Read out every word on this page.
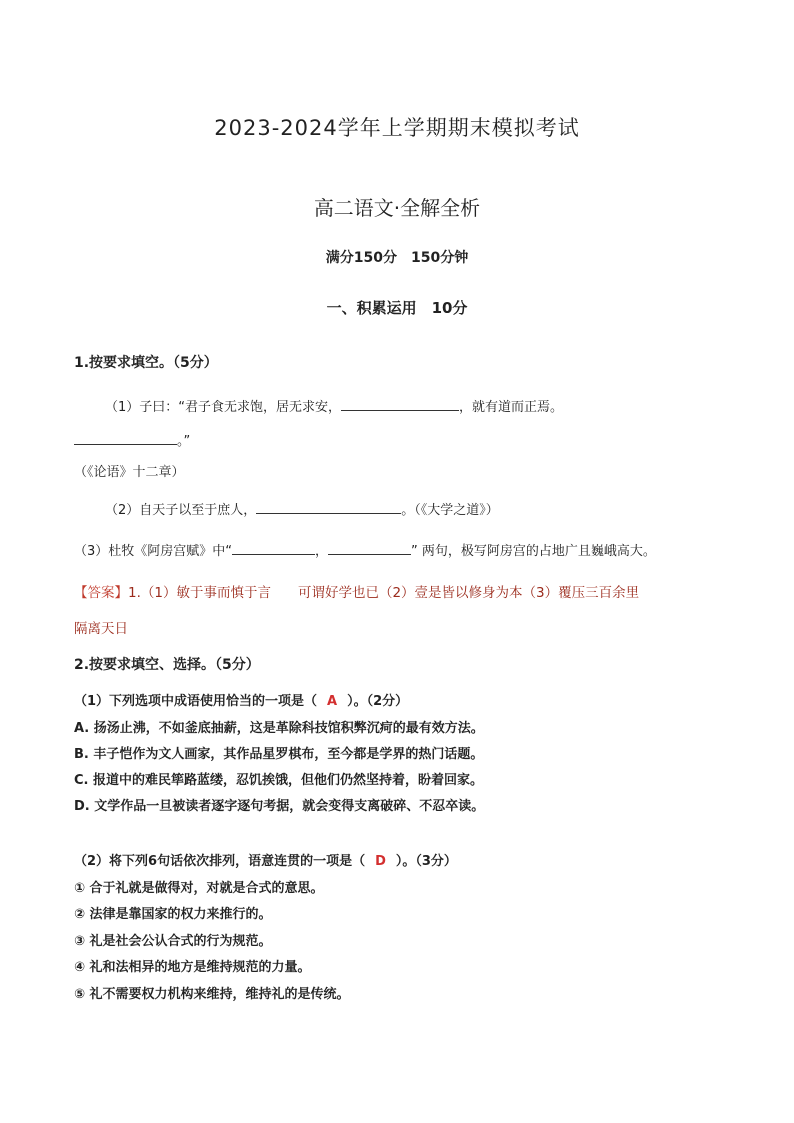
2023-2024学年上学期期末模拟考试
高二语文·全解全析
满分150分　150分钟
一、积累运用　10分
1.按要求填空。（5分）
（1）子曰：“君子食无求饱，居无求安，	，就有道而正焉。
。”
（《论语》十二章）
（2）自天子以至于庶人，	。（《大学之道》）
（3）杜牧《阿房宫赋》中“	，	” 两句，极写阿房宫的占地广且巍峨高大。
【答案】1.（1）敏于事而慎于言　　可谓好学也已（2）壹是皆以修身为本（3）覆压三百余里
隔离天日
2.按要求填空、选择。（5分）
（1）下列选项中成语使用恰当的一项是（ A ）。（2分）
A. 扬汤止沸，不如釜底抽薪，这是革除科技馆积弊沉疴的最有效方法。
B. 丰子恺作为文人画家，其作品星罗棋布，至今都是学界的热门话题。
C. 报道中的难民筚路蓝缕，忍饥挨饿，但他们仍然坚持着，盼着回家。
D. 文学作品一旦被读者逐字逐句考据，就会变得支离破碎、不忍卒读。
（2）将下列6句话依次排列，语意连贯的一项是（ D ）。（3分）
① 合于礼就是做得对，对就是合式的意思。
② 法律是靠国家的权力来推行的。
③ 礼是社会公认合式的行为规范。
④ 礼和法相异的地方是维持规范的力量。
⑤ 礼不需要权力机构来维持，维持礼的是传统。
